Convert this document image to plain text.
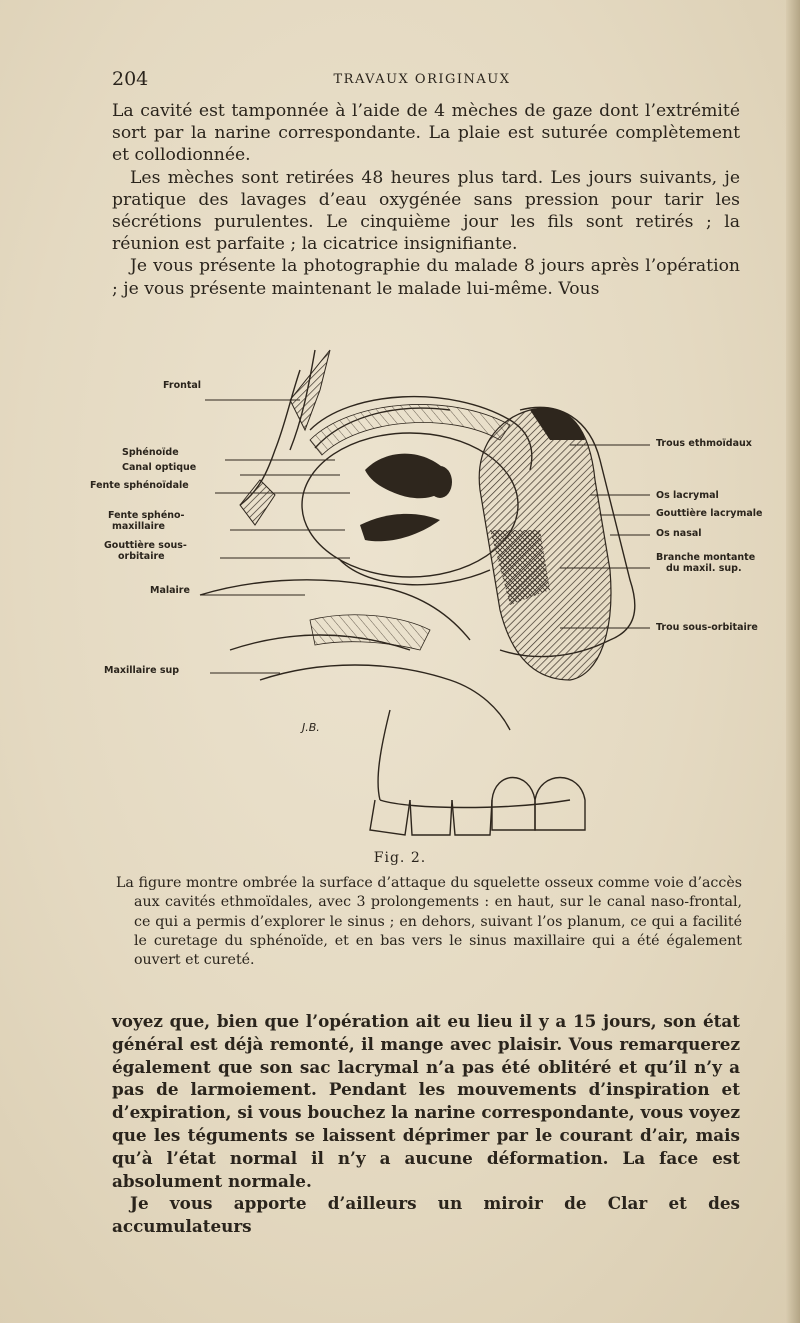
204	TRAVAUX ORIGINAUX

La cavité est tamponnée à l’aide de 4 mèches de gaze dont l’extrémité sort par la narine correspondante. La plaie est suturée complètement et collodionnée.

Les mèches sont retirées 48 heures plus tard. Les jours suivants, je pratique des lavages d’eau oxygénée sans pression pour tarir les sécrétions purulentes. Le cinquième jour les fils sont retirés ; la réunion est parfaite ; la cicatrice insignifiante.

Je vous présente la photographie du malade 8 jours après l’opération ; je vous présente maintenant le malade lui-même. Vous

Frontal
Sphénoïde
Canal optique
Fente sphénoïdale
Fente sphéno-
maxillaire
Gouttière sous-
orbitaire
Malaire
Maxillaire sup
Trous ethmoïdaux
Os lacrymal
Gouttière lacrymale
Os nasal
Branche montante
du maxil. sup.
Trou sous-orbitaire
J.B.
Fig. 2.

La figure montre ombrée la surface d’attaque du squelette osseux comme voie d’accès aux cavités ethmoïdales, avec 3 prolongements : en haut, sur le canal naso-frontal, ce qui a permis d’explorer le sinus ; en dehors, suivant l’os planum, ce qui a facilité le curetage du sphénoïde, et en bas vers le sinus maxillaire qui a été également ouvert et cureté.

voyez que, bien que l’opération ait eu lieu il y a 15 jours, son état général est déjà remonté, il mange avec plaisir. Vous remarquerez également que son sac lacrymal n’a pas été oblitéré et qu’il n’y a pas de larmoiement. Pendant les mouvements d’inspiration et d’expiration, si vous bouchez la narine correspondante, vous voyez que les téguments se laissent déprimer par le courant d’air, mais qu’à l’état normal il n’y a aucune déformation. La face est absolument normale.

Je vous apporte d’ailleurs un miroir de Clar et des accumulateurs
